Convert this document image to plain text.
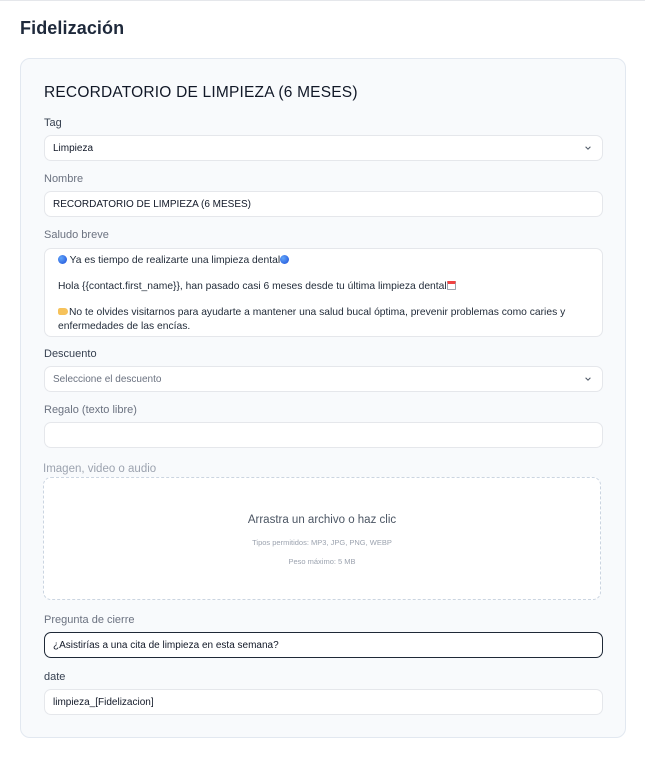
Fidelización
RECORDATORIO DE LIMPIEZA (6 MESES)
Tag
Limpieza
Nombre
RECORDATORIO DE LIMPIEZA (6 MESES)
Saludo breve
Ya es tiempo de realizarte una limpieza dental
Hola {{contact.first_name}}, han pasado casi 6 meses desde tu última limpieza dental
No te olvides visitarnos para ayudarte a mantener una salud bucal óptima, prevenir problemas como caries y
enfermedades de las encías.
Descuento
Seleccione el descuento
Regalo (texto libre)
Pregunta de cierre
¿Asistirías a una cita de limpieza en esta semana?
date
limpieza_[Fidelizacion]
Imagen, video o audio
Arrastra un archivo o haz clic
Tipos permitidos: MP3, JPG, PNG, WEBP
Peso máximo: 5 MB
